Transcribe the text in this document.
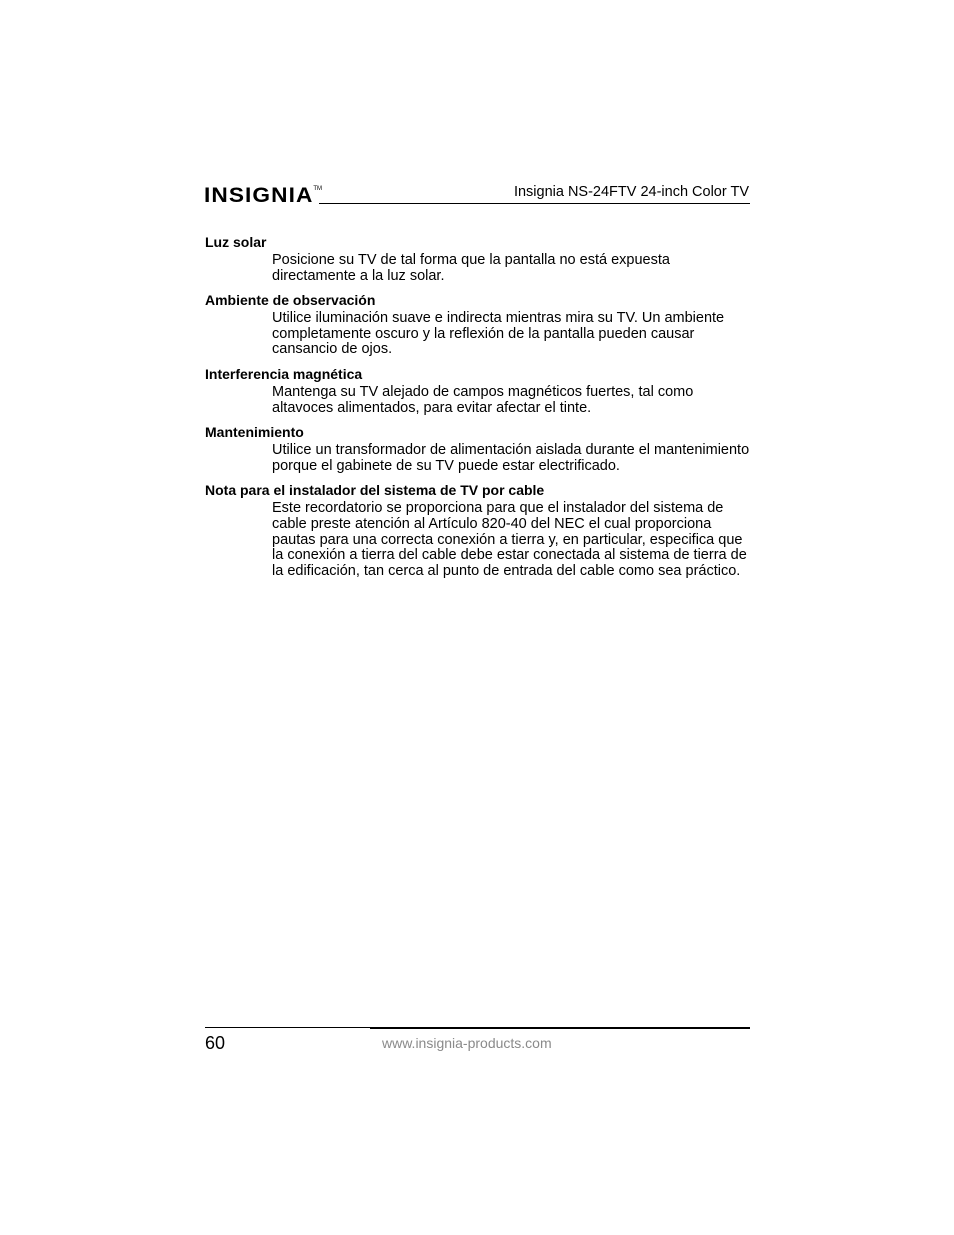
INSIGNIA TM	Insignia NS-24FTV 24-inch Color TV

Luz solar

Posicione su TV de tal forma que la pantalla no está expuesta directamente a la luz solar.

Ambiente de observación

Utilice iluminación suave e indirecta mientras mira su TV. Un ambiente completamente oscuro y la reflexión de la pantalla pueden causar cansancio de ojos.

Interferencia magnética

Mantenga su TV alejado de campos magnéticos fuertes, tal como altavoces alimentados, para evitar afectar el tinte.

Mantenimiento

Utilice un transformador de alimentación aislada durante el mantenimiento porque el gabinete de su TV puede estar electrificado.

Nota para el instalador del sistema de TV por cable

Este recordatorio se proporciona para que el instalador del sistema de cable preste atención al Artículo 820-40 del NEC el cual proporciona pautas para una correcta conexión a tierra y, en particular, especifica que la conexión a tierra del cable debe estar conectada al sistema de tierra de la edificación, tan cerca al punto de entrada del cable como sea práctico.

60	www.insignia-products.com
